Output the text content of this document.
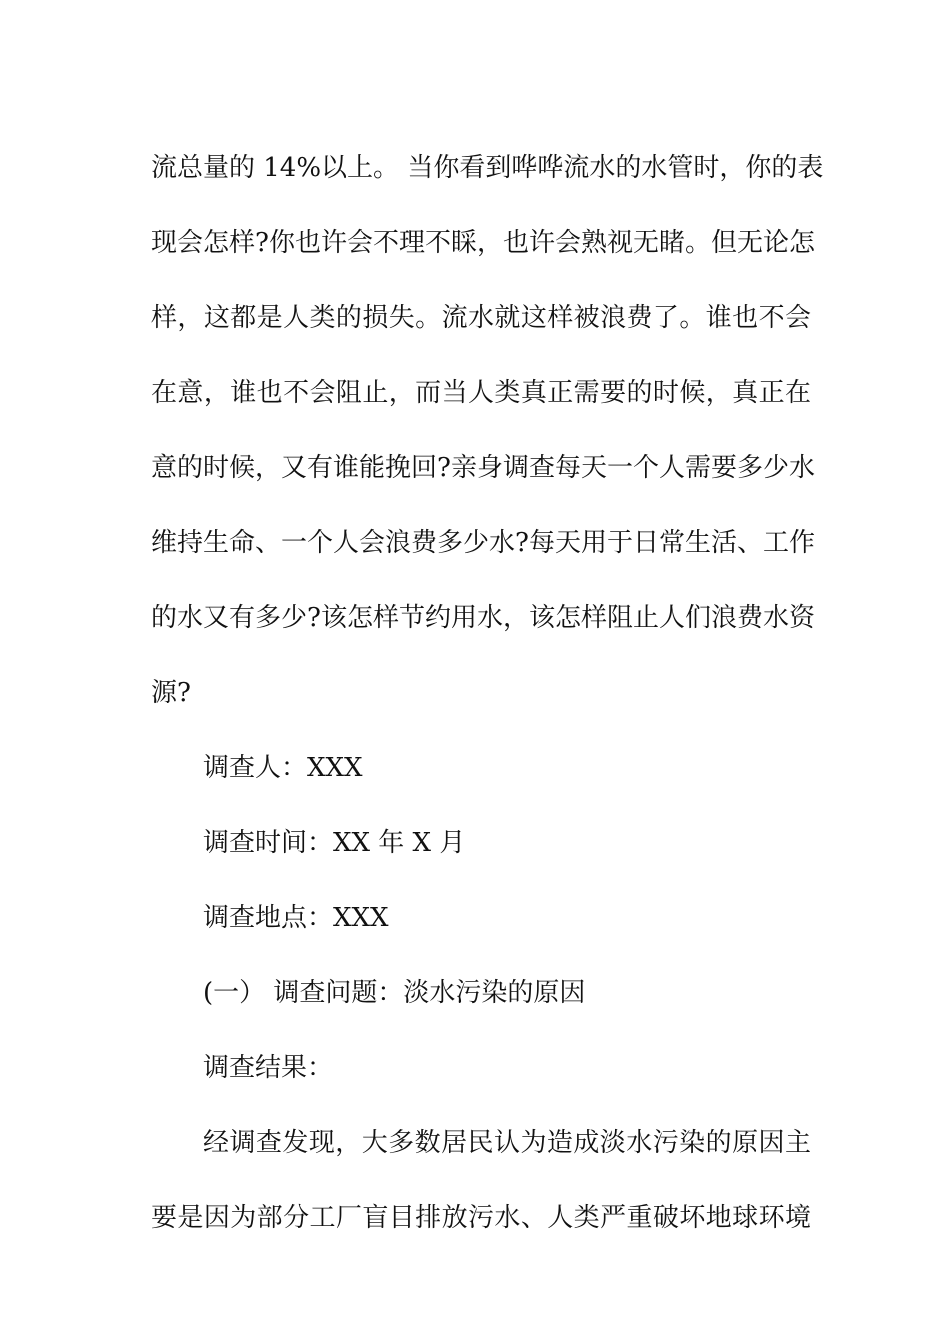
流总量的 14%以上。 当你看到哗哗流水的水管时，你的表
现会怎样?你也许会不理不睬，也许会熟视无睹。但无论怎
样，这都是人类的损失。流水就这样被浪费了。谁也不会
在意，谁也不会阻止，而当人类真正需要的时候，真正在
意的时候，又有谁能挽回?亲身调查每天一个人需要多少水
维持生命、一个人会浪费多少水?每天用于日常生活、工作
的水又有多少?该怎样节约用水，该怎样阻止人们浪费水资
源?
调查人：XXX
调查时间：XX 年 X 月
调查地点：XXX
(一） 调查问题：淡水污染的原因
调查结果：
经调查发现，大多数居民认为造成淡水污染的原因主
要是因为部分工厂盲目排放污水、人类严重破坏地球环境
